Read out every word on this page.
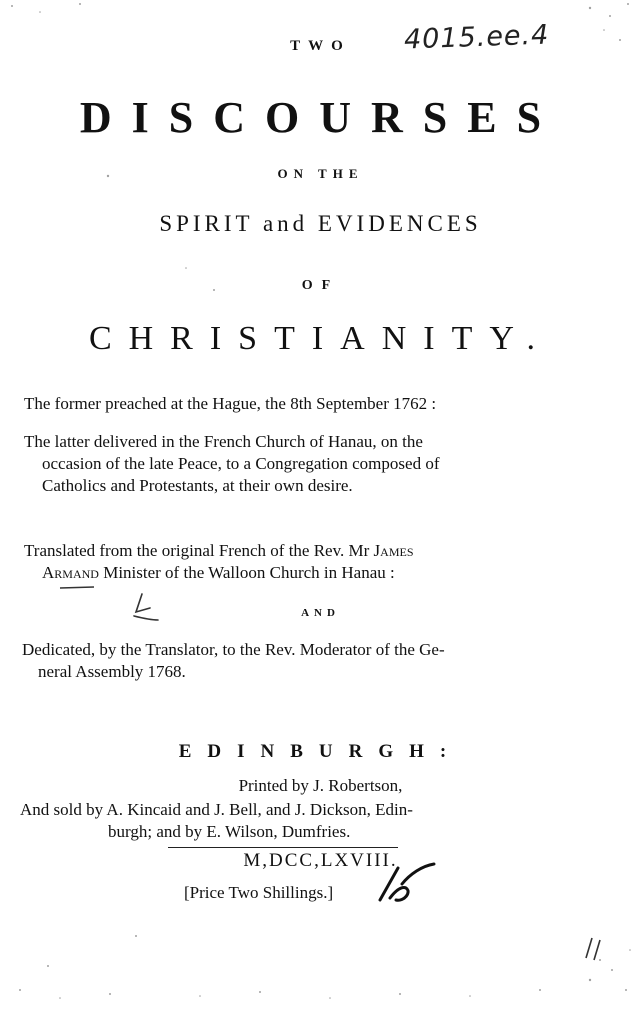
TWO	4015.ee.4
DISCOURSES
ON THE
SPIRIT and EVIDENCES
OF
CHRISTIANITY.
The former preached at the Hague, the 8th September 1762 :
The latter delivered in the French Church of Hanau, on the
occasion of the late Peace, to a Congregation composed of
Catholics and Protestants, at their own desire.
Translated from the original French of the Rev. Mr James
Armand Minister of the Walloon Church in Hanau :
AND
Dedicated, by the Translator, to the Rev. Moderator of the Ge-
neral Assembly 1768.
EDINBURGH:
Printed by J. Robertson,
And sold by A. Kincaid and J. Bell, and J. Dickson, Edin-
burgh; and by E. Wilson, Dumfries.
M,DCC,LXVIII.
[Price Two Shillings.]
